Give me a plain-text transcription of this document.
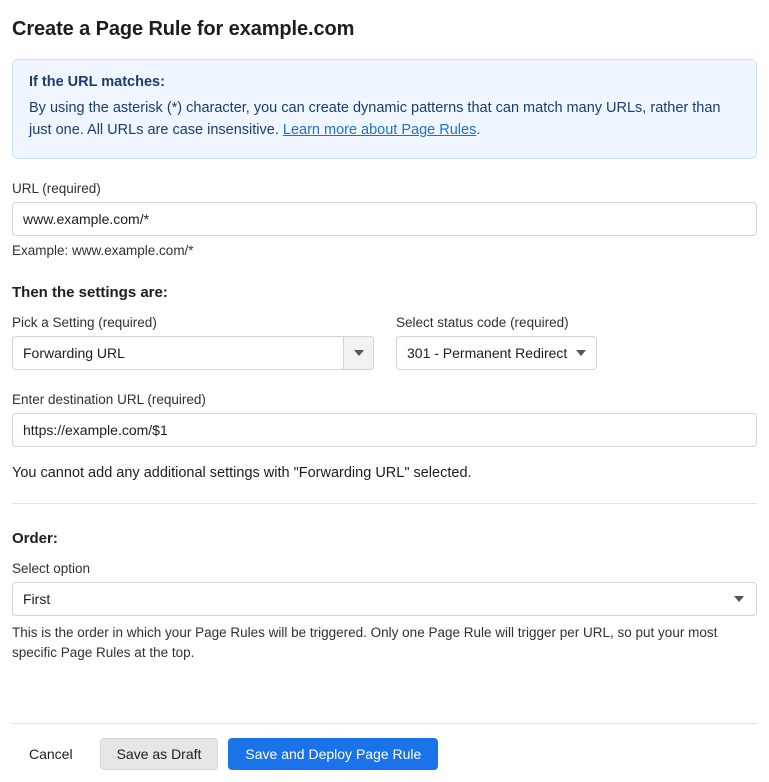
Create a Page Rule for example.com
If the URL matches:
By using the asterisk (*) character, you can create dynamic patterns that can match many URLs, rather than just one. All URLs are case insensitive. Learn more about Page Rules.
URL (required)
www.example.com/*
Example: www.example.com/*
Then the settings are:
Pick a Setting (required)
Forwarding URL
Select status code (required)
301 - Permanent Redirect
Enter destination URL (required)
https://example.com/$1
You cannot add any additional settings with "Forwarding URL" selected.
Order:
Select option
First
This is the order in which your Page Rules will be triggered. Only one Page Rule will trigger per URL, so put your most specific Page Rules at the top.
Cancel	Save as Draft	Save and Deploy Page Rule
